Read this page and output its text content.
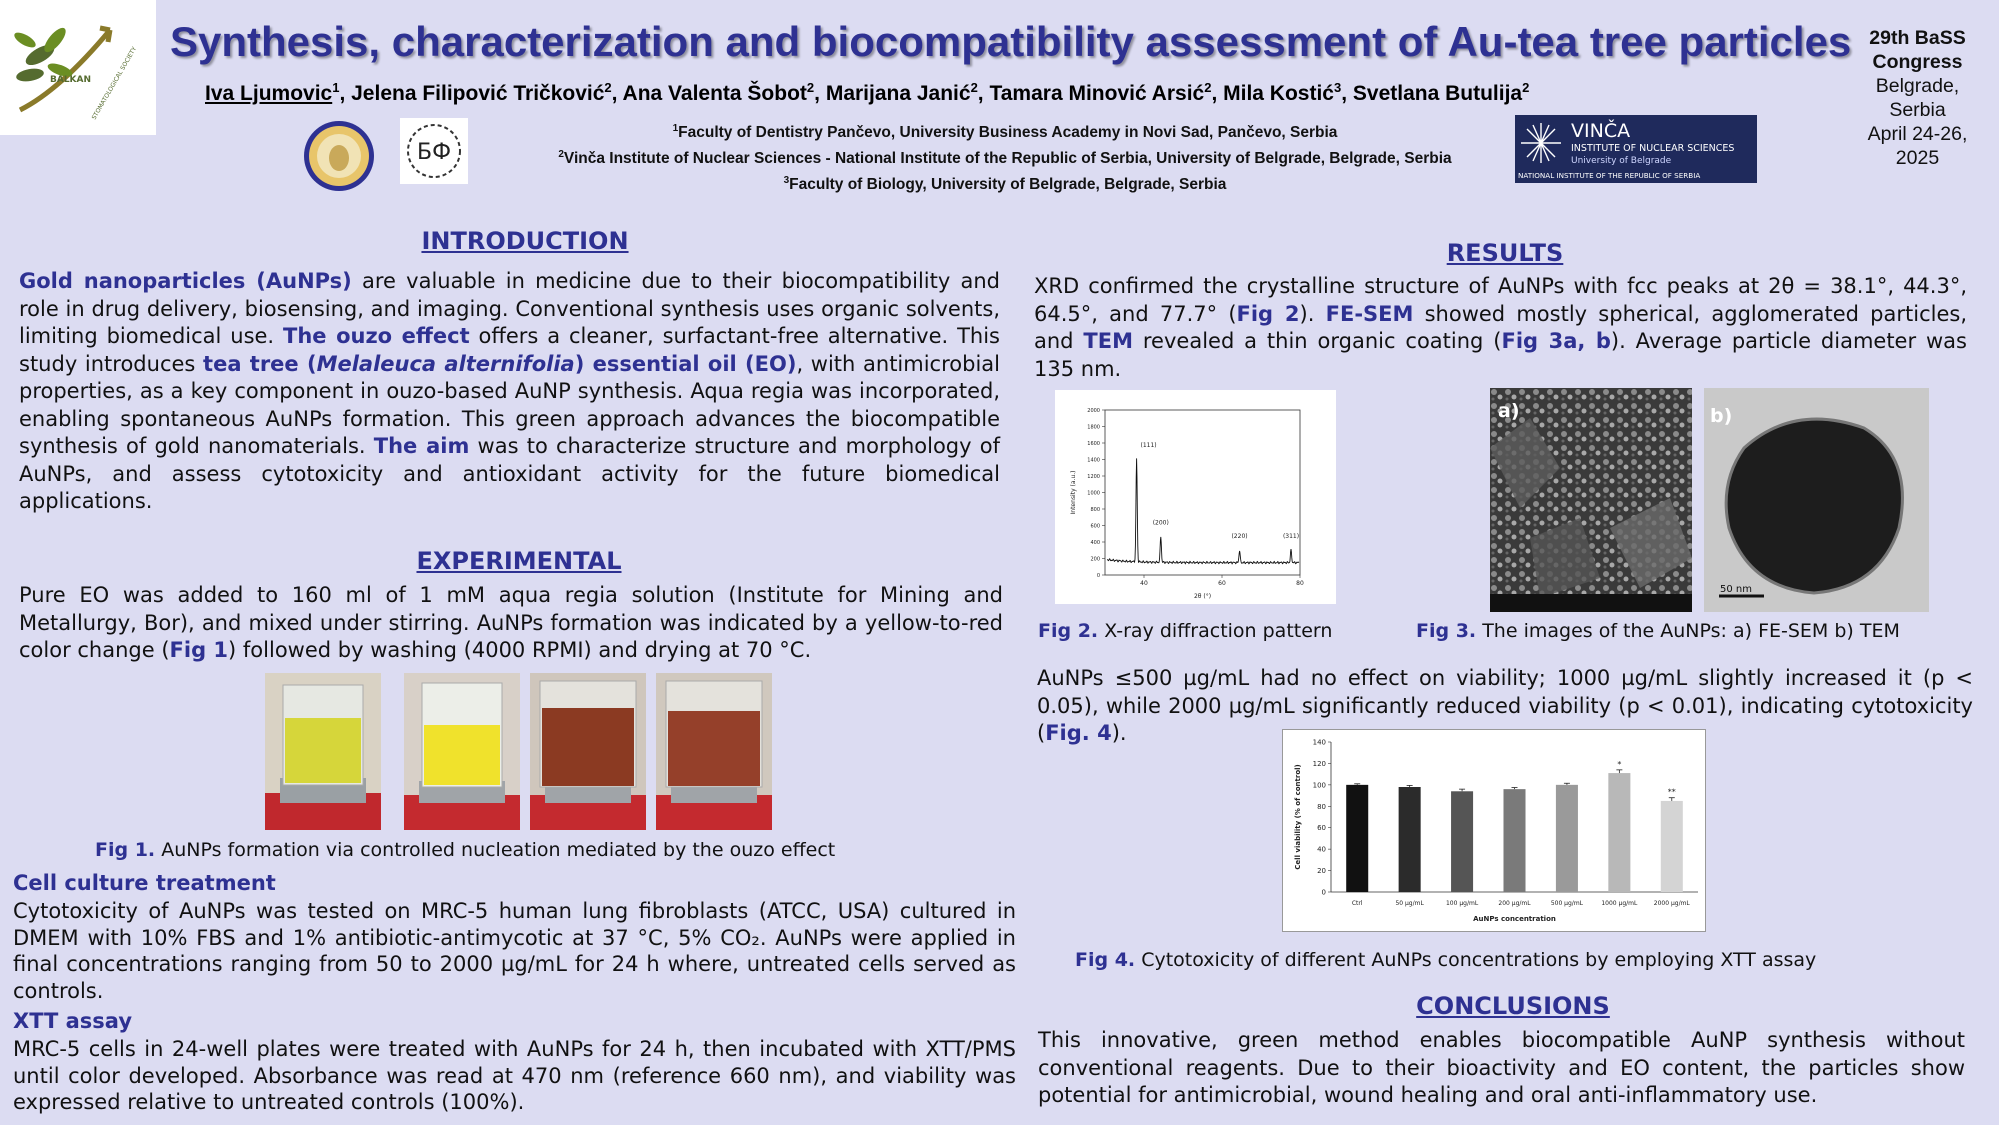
BALKAN STOMATOLOGICAL SOCIETY
Synthesis, characterization and biocompatibility assessment of Au-tea tree particles
Iva Ljumovic$^1$, Jelena Filipović Tričković$^2$, Ana Valenta Šobot$^2$, Marijana Janić$^2$, Tamara Minović Arsić$^2$, Mila Kostić$^3$, Svetlana Butulija$^2$
БФ
$^1$Faculty of Dentistry Pančevo, University Business Academy in Novi Sad, Pančevo, Serbia
$^2$Vinča Institute of Nuclear Sciences - National Institute of the Republic of Serbia, University of Belgrade, Belgrade, Serbia
$^3$Faculty of Biology, University of Belgrade, Belgrade, Serbia
VINČA
INSTITUTE OF NUCLEAR SCIENCES
University of Belgrade
NATIONAL INSTITUTE OF THE REPUBLIC OF SERBIA
29th BaSS
Congress
Belgrade,
Serbia
April 24-26,
2025
INTRODUCTION
Gold nanoparticles (AuNPs) are valuable in medicine due to their biocompatibility and role in drug delivery, biosensing, and imaging. Conventional synthesis uses organic solvents, limiting biomedical use. The ouzo effect offers a cleaner, surfactant-free alternative. This study introduces tea tree (Melaleuca alternifolia) essential oil (EO), with antimicrobial properties, as a key component in ouzo-based AuNP synthesis. Aqua regia was incorporated, enabling spontaneous AuNPs formation. This green approach advances the biocompatible synthesis of gold nanomaterials. The aim was to characterize structure and morphology of AuNPs, and assess cytotoxicity and antioxidant activity for the future biomedical applications.
EXPERIMENTAL
Pure EO was added to 160 ml of 1 mM aqua regia solution (Institute for Mining and Metallurgy, Bor), and mixed under stirring. AuNPs formation was indicated by a yellow-to-red color change (Fig 1) followed by washing (4000 RPMI) and drying at 70 °C.
Fig 1. AuNPs formation via controlled nucleation mediated by the ouzo effect
Cell culture treatment
Cytotoxicity of AuNPs was tested on MRC-5 human lung fibroblasts (ATCC, USA) cultured in DMEM with 10% FBS and 1% antibiotic-antimycotic at 37 °C, 5% CO₂. AuNPs were applied in final concentrations ranging from 50 to 2000 µg/mL for 24 h where, untreated cells served as controls.
XTT assay
MRC-5 cells in 24-well plates were treated with AuNPs for 24 h, then incubated with XTT/PMS until color developed. Absorbance was read at 470 nm (reference 660 nm), and viability was expressed relative to untreated controls (100%).
RESULTS
XRD confirmed the crystalline structure of AuNPs with fcc peaks at 2θ = 38.1°, 44.3°, 64.5°, and 77.7° (Fig 2). FE-SEM showed mostly spherical, agglomerated particles, and TEM revealed a thin organic coating (Fig 3a, b). Average particle diameter was 135 nm.
0
200
400
600
800
1000
1200
1400
1600
1800
2000
40	60	80
Intensity (a.u.)
2θ (°)
(111)
(200)
(220)	(311)
Fig 2. X-ray diffraction pattern
a)
50 nm
b)
Fig 3. The images of the AuNPs: a) FE-SEM b) TEM
AuNPs ≤500 µg/mL had no effect on viability; 1000 µg/mL slightly increased it (p < 0.05), while 2000 µg/mL significantly reduced viability (p < 0.01), indicating cytotoxicity (Fig. 4).
0
20
40
60
80
100
120
140
Cell viability (% of control)
AuNPs concentration
Ctrl	50 µg/mL	100 µg/mL	200 µg/mL	500 µg/mL	1000 µg/mL
*
2000 µg/mL
**
Fig 4. Cytotoxicity of different AuNPs concentrations by employing XTT assay
CONCLUSIONS
This innovative, green method enables biocompatible AuNP synthesis without conventional reagents. Due to their bioactivity and EO content, the particles show potential for antimicrobial, wound healing and oral anti-inflammatory use.
